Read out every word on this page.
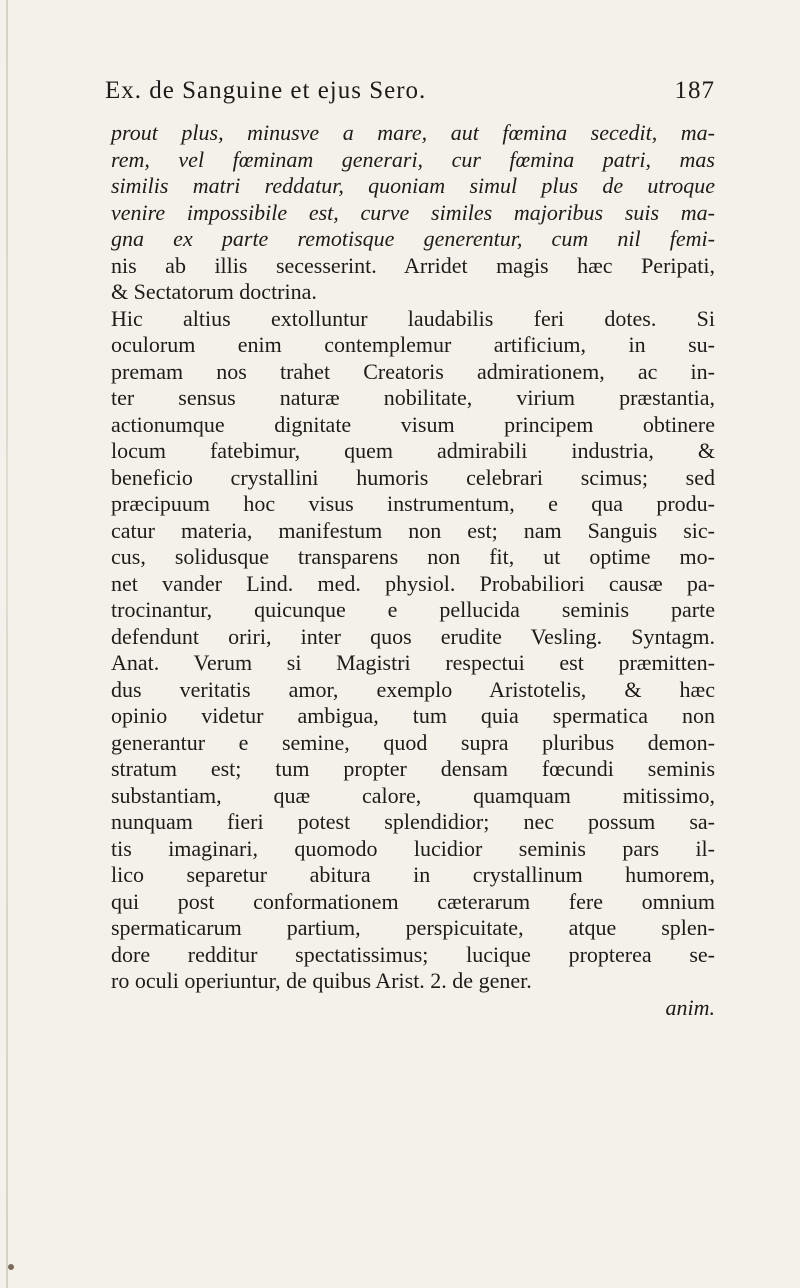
Ex. de Sanguine et ejus Sero.	187
prout plus, minusve a mare, aut fœmina secedit, ma-
rem, vel fœminam generari, cur fœmina patri, mas
similis matri reddatur, quoniam simul plus de utroque
venire impossibile est, curve similes majoribus suis ma-
gna ex parte remotisque generentur, cum nil femi-
nis ab illis secesserint. Arridet magis hæc Peripati,
& Sectatorum doctrina.
Hic altius extolluntur laudabilis feri dotes. Si
oculorum enim contemplemur artificium, in su-
premam nos trahet Creatoris admirationem, ac in-
ter sensus naturæ nobilitate, virium præstantia,
actionumque dignitate visum principem obtinere
locum fatebimur, quem admirabili industria, &
beneficio crystallini humoris celebrari scimus; sed
præcipuum hoc visus instrumentum, e qua produ-
catur materia, manifestum non est; nam Sanguis sic-
cus, solidusque transparens non fit, ut optime mo-
net vander Lind. med. physiol. Probabiliori causæ pa-
trocinantur, quicunque e pellucida seminis parte
defendunt oriri, inter quos erudite Vesling. Syntagm.
Anat. Verum si Magistri respectui est præmitten-
dus veritatis amor, exemplo Aristotelis, & hæc
opinio videtur ambigua, tum quia spermatica non
generantur e semine, quod supra pluribus demon-
stratum est; tum propter densam fœcundi seminis
substantiam, quæ calore, quamquam mitissimo,
nunquam fieri potest splendidior; nec possum sa-
tis imaginari, quomodo lucidior seminis pars il-
lico separetur abitura in crystallinum humorem,
qui post conformationem cæterarum fere omnium
spermaticarum partium, perspicuitate, atque splen-
dore redditur spectatissimus; lucique propterea se-
ro oculi operiuntur, de quibus Arist. 2. de gener.
anim.
